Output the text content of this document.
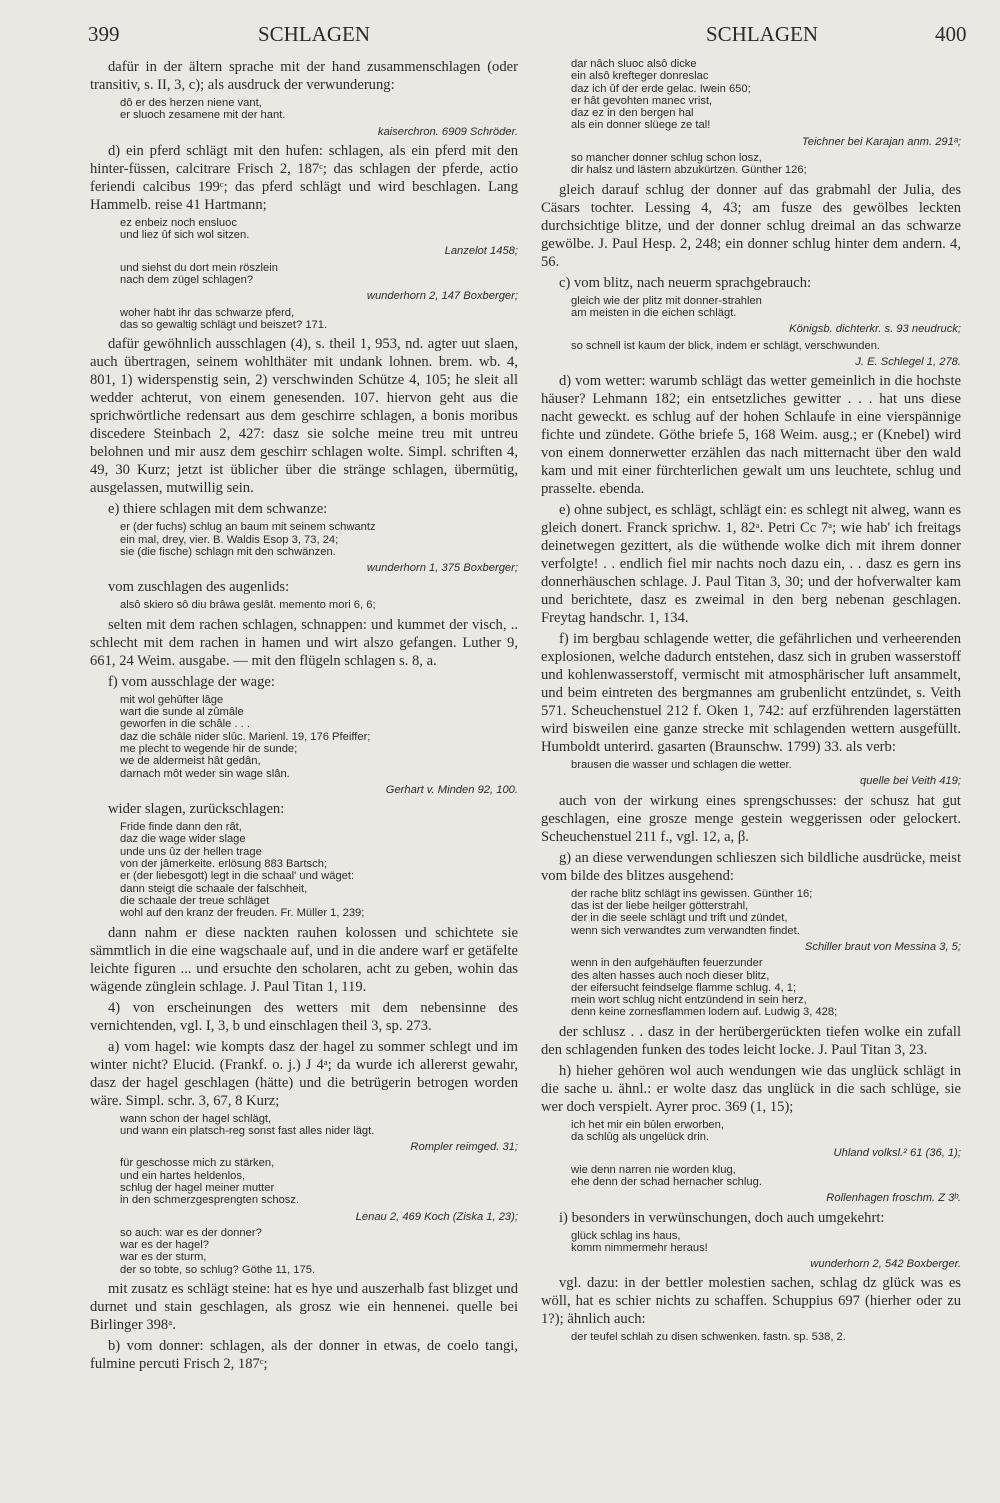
399	SCHLAGEN	SCHLAGEN	400
dafür in der ältern sprache mit der hand zusammenschlagen (oder transitiv, s. II, 3, c); als ausdruck der verwunderung:
dô er des herzen niene vant,
er sluoch zesamene mit der hant.
kaiserchron. 6909 Schröder.
d) ein pferd schlägt mit den hufen: schlagen, als ein pferd mit den hinter-füssen, calcitrare Frisch 2, 187ᶜ; das schlagen der pferde, actio feriendi calcibus 199ᶜ; das pferd schlägt und wird beschlagen. Lang Hammelb. reise 41 Hartmann;
ez enbeiz noch ensluoc
und liez ûf sich wol sitzen.
Lanzelot 1458;
und siehst du dort mein röszlein
nach dem zügel schlagen?
wunderhorn 2, 147 Boxberger;
woher habt ihr das schwarze pferd,
das so gewaltig schlägt und beiszet? 171.
dafür gewöhnlich ausschlagen (4), s. theil 1, 953, nd. agter uut slaen, auch übertragen, seinem wohlthäter mit undank lohnen. brem. wb. 4, 801, 1) widerspenstig sein, 2) verschwinden Schütze 4, 105; he sleit all wedder achterut, von einem genesenden. 107. hiervon geht aus die sprichwörtliche redensart aus dem geschirre schlagen, a bonis moribus discedere Steinbach 2, 427: dasz sie solche meine treu mit untreu belohnen und mir ausz dem geschirr schlagen wolte. Simpl. schriften 4, 49, 30 Kurz; jetzt ist üblicher über die stränge schlagen, übermütig, ausgelassen, mutwillig sein.
e) thiere schlagen mit dem schwanze:
er (der fuchs) schlug an baum mit seinem schwantz
ein mal, drey, vier. B. Waldis Esop 3, 73, 24;
sie (die fische) schlagn mit den schwänzen.
wunderhorn 1, 375 Boxberger;
vom zuschlagen des augenlids:
alsô skiero sô diu brâwa geslât. memento mori 6, 6;
selten mit dem rachen schlagen, schnappen: und kummet der visch, .. schlecht mit dem rachen in hamen und wirt alszo gefangen. Luther 9, 661, 24 Weim. ausgabe. — mit den flügeln schlagen s. 8, a.
f) vom ausschlage der wage:
mit wol gehûfter lâge
wart die sunde al zûmâle
geworfen in die schâle . . .
daz die schâle nider slûc. Marienl. 19, 176 Pfeiffer;
me plecht to wegende hir de sunde;
we de aldermeist hât gedân,
darnach môt weder sin wage slân.
Gerhart v. Minden 92, 100.
wider slagen, zurückschlagen:
Fride finde dann den rât,
daz die wage wider slage
unde uns ûz der hellen trage
von der jâmerkeite. erlösung 883 Bartsch;
er (der liebesgott) legt in die schaal' und wäget:
dann steigt die schaale der falschheit,
die schaale der treue schläget
wohl auf den kranz der freuden. Fr. Müller 1, 239;
dann nahm er diese nackten rauhen kolossen und schichtete sie sämmtlich in die eine wagschaale auf, und in die andere warf er getäfelte leichte figuren ... und ersuchte den scholaren, acht zu geben, wohin das wägende zünglein schlage. J. Paul Titan 1, 119.
4) von erscheinungen des wetters mit dem nebensinne des vernichtenden, vgl. I, 3, b und einschlagen theil 3, sp. 273.
a) vom hagel: wie kompts dasz der hagel zu sommer schlegt und im winter nicht? Elucid. (Frankf. o. j.) J 4ᵃ; da wurde ich allererst gewahr, dasz der hagel geschlagen (hätte) und die betrügerin betrogen worden wäre. Simpl. schr. 3, 67, 8 Kurz;
wann schon der hagel schlägt,
und wann ein platsch-reg sonst fast alles nider lägt.
Rompler reimged. 31;
für geschosse mich zu stärken,
und ein hartes heldenlos,
schlug der hagel meiner mutter
in den schmerzgesprengten schosz.
Lenau 2, 469 Koch (Ziska 1, 23);
so auch: war es der donner?
war es der hagel?
war es der sturm,
der so tobte, so schlug? Göthe 11, 175.
mit zusatz es schlägt steine: hat es hye und auszerhalb fast blizget und durnet und stain geschlagen, als grosz wie ein hennenei. quelle bei Birlinger 398ᵃ.
b) vom donner: schlagen, als der donner in etwas, de coelo tangi, fulmine percuti Frisch 2, 187ᶜ;
dar nâch sluoc alsô dicke
ein alsô krefteger donreslac
daz ich ûf der erde gelac. Iwein 650;
er hât gevohten manec vrist,
daz ez in den bergen hal
als ein donner slüege ze tal!
Teichner bei Karajan anm. 291ᵃ;
so mancher donner schlug schon losz,
dir halsz und lästern abzukürtzen. Günther 126;
gleich darauf schlug der donner auf das grabmahl der Julia, des Cäsars tochter. Lessing 4, 43; am fusze des gewölbes leckten durchsichtige blitze, und der donner schlug dreimal an das schwarze gewölbe. J. Paul Hesp. 2, 248; ein donner schlug hinter dem andern. 4, 56.
c) vom blitz, nach neuerm sprachgebrauch:
gleich wie der plitz mit donner-strahlen
am meisten in die eichen schlägt.
Königsb. dichterkr. s. 93 neudruck;
so schnell ist kaum der blick, indem er schlägt, verschwunden.
J. E. Schlegel 1, 278.
d) vom wetter: warumb schlägt das wetter gemeinlich in die hochste häuser? Lehmann 182; ein entsetzliches gewitter . . . hat uns diese nacht geweckt. es schlug auf der hohen Schlaufe in eine vierspännige fichte und zündete. Göthe briefe 5, 168 Weim. ausg.; er (Knebel) wird von einem donnerwetter erzählen das nach mitternacht über den wald kam und mit einer fürchterlichen gewalt um uns leuchtete, schlug und prasselte. ebenda.
e) ohne subject, es schlägt, schlägt ein: es schlegt nit alweg, wann es gleich donert. Franck sprichw. 1, 82ᵃ. Petri Cc 7ᵃ; wie hab' ich freitags deinetwegen gezittert, als die wüthende wolke dich mit ihrem donner verfolgte! . . endlich fiel mir nachts noch dazu ein, . . dasz es gern ins donnerhäuschen schlage. J. Paul Titan 3, 30; und der hofverwalter kam und berichtete, dasz es zweimal in den berg nebenan geschlagen. Freytag handschr. 1, 134.
f) im bergbau schlagende wetter, die gefährlichen und verheerenden explosionen, welche dadurch entstehen, dasz sich in gruben wasserstoff und kohlenwasserstoff, vermischt mit atmosphärischer luft ansammelt, und beim eintreten des bergmannes am grubenlicht entzündet, s. Veith 571. Scheuchenstuel 212 f. Oken 1, 742: auf erzführenden lagerstätten wird bisweilen eine ganze strecke mit schlagenden wettern ausgefüllt. Humboldt unterird. gasarten (Braunschw. 1799) 33. als verb:
brausen die wasser und schlagen die wetter.
quelle bei Veith 419;
auch von der wirkung eines sprengschusses: der schusz hat gut geschlagen, eine grosze menge gestein weggerissen oder gelockert. Scheuchenstuel 211 f., vgl. 12, a, β.
g) an diese verwendungen schlieszen sich bildliche ausdrücke, meist vom bilde des blitzes ausgehend:
der rache blitz schlägt ins gewissen. Günther 16;
das ist der liebe heilger götterstrahl,
der in die seele schlägt und trift und zündet,
wenn sich verwandtes zum verwandten findet.
Schiller braut von Messina 3, 5;
wenn in den aufgehäuften feuerzunder
des alten hasses auch noch dieser blitz,
der eifersucht feindselge flamme schlug. 4, 1;
mein wort schlug nicht entzündend in sein herz,
denn keine zornesflammen lodern auf. Ludwig 3, 428;
der schlusz . . dasz in der herübergerückten tiefen wolke ein zufall den schlagenden funken des todes leicht locke. J. Paul Titan 3, 23.
h) hieher gehören wol auch wendungen wie das unglück schlägt in die sache u. ähnl.: er wolte dasz das unglück in die sach schlüge, sie wer doch verspielt. Ayrer proc. 369 (1, 15);
ich het mir ein bûlen erworben,
da schlûg als ungelück drin.
Uhland volksl.² 61 (36, 1);
wie denn narren nie worden klug,
ehe denn der schad hernacher schlug.
Rollenhagen froschm. Z 3ᵇ.
i) besonders in verwünschungen, doch auch umgekehrt:
glück schlag ins haus,
komm nimmermehr heraus!
wunderhorn 2, 542 Boxberger.
vgl. dazu: in der bettler molestien sachen, schlag dz glück was es wöll, hat es schier nichts zu schaffen. Schuppius 697 (hierher oder zu 1?); ähnlich auch:
der teufel schlah zu disen schwenken. fastn. sp. 538, 2.
